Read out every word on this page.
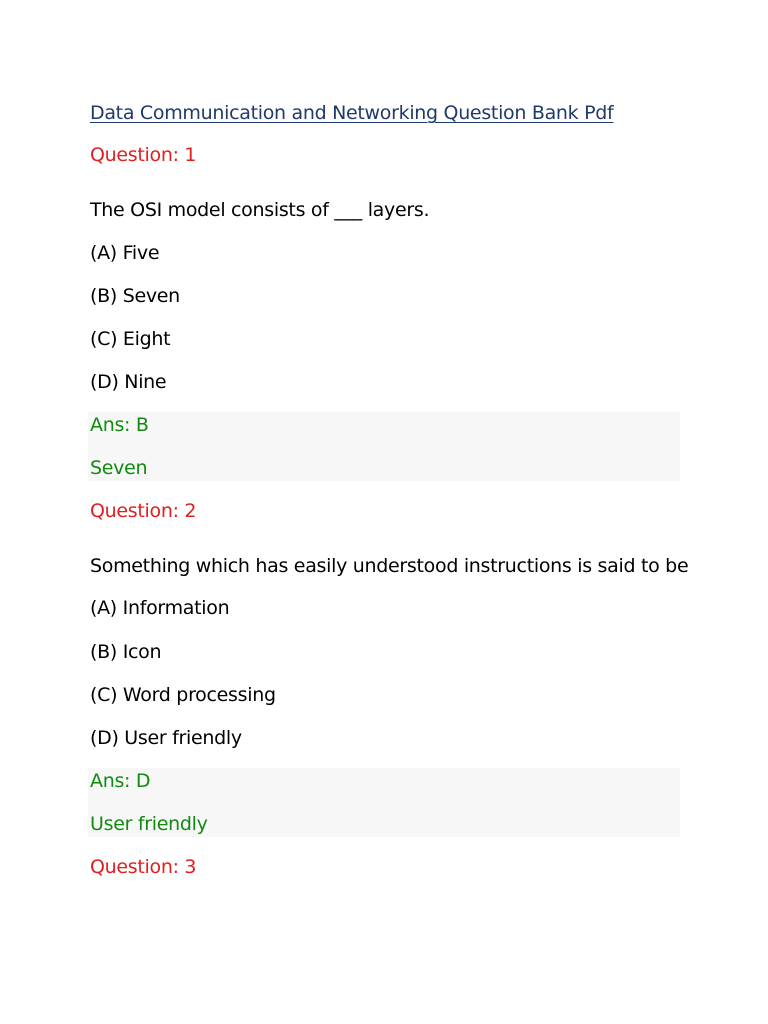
Data Communication and Networking Question Bank Pdf
Question: 1
The OSI model consists of ___ layers.
(A) Five
(B) Seven
(C) Eight
(D) Nine
Ans: B
Seven
Question: 2
Something which has easily understood instructions is said to be
(A) Information
(B) Icon
(C) Word processing
(D) User friendly
Ans: D
User friendly
Question: 3
